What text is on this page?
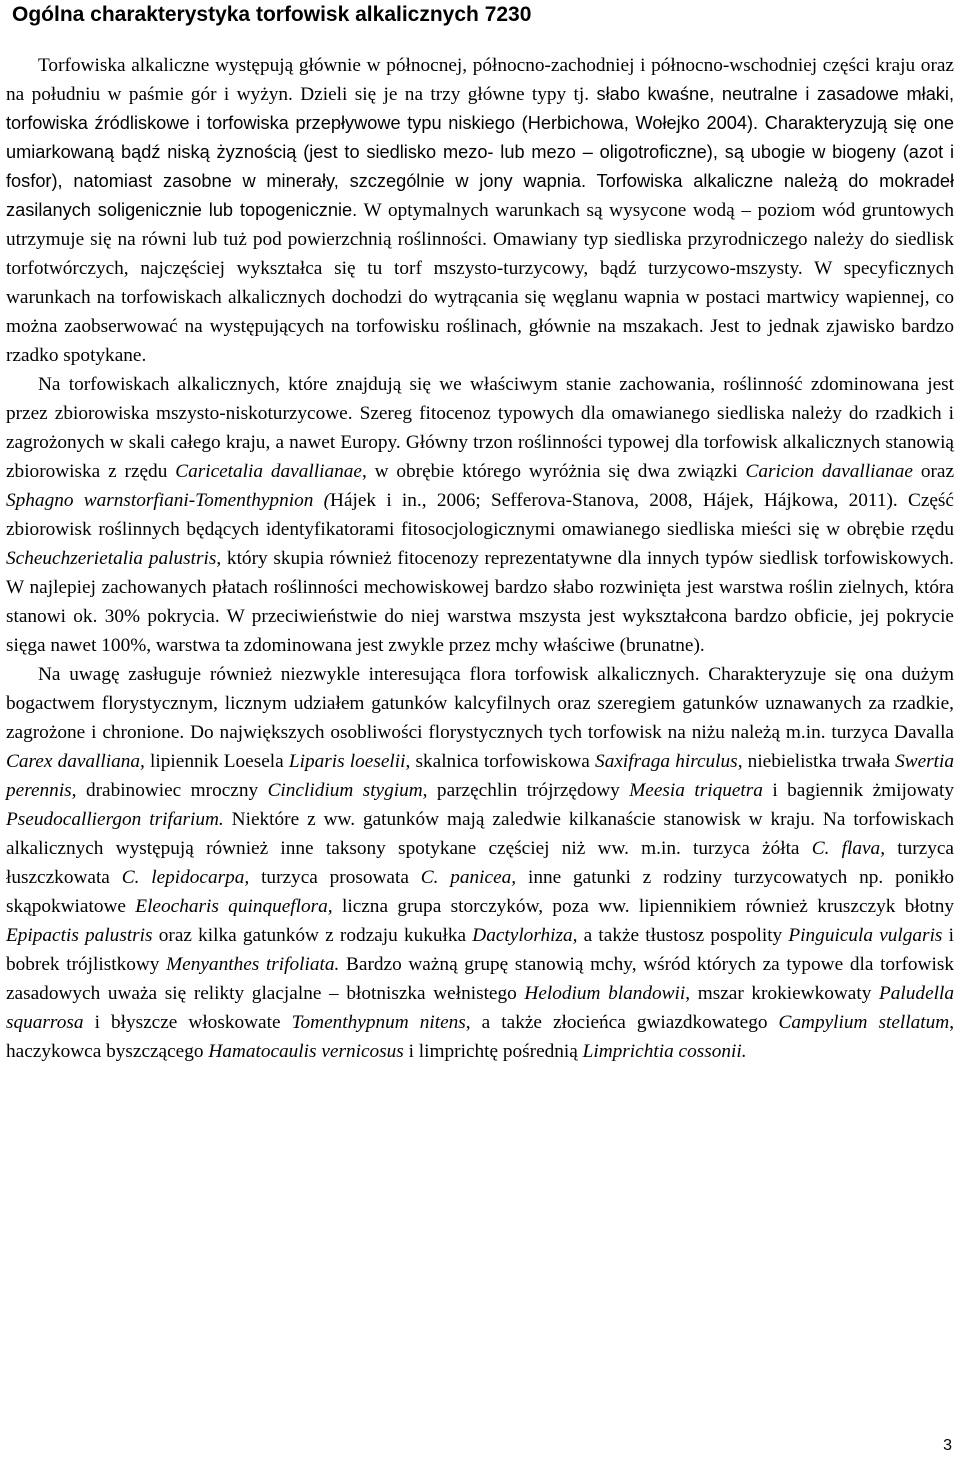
Ogólna charakterystyka torfowisk alkalicznych 7230

Torfowiska alkaliczne występują głównie w północnej, północno-zachodniej i północno-wschodniej części kraju oraz na południu w paśmie gór i wyżyn. Dzieli się je na trzy główne typy tj. słabo kwaśne, neutralne i zasadowe młaki, torfowiska źródliskowe i torfowiska przepływowe typu niskiego (Herbichowa, Wołejko 2004). Charakteryzują się one umiarkowaną bądź niską żyznością (jest to siedlisko mezo- lub mezo – oligotroficzne), są ubogie w biogeny (azot i fosfor), natomiast zasobne w minerały, szczególnie w jony wapnia. Torfowiska alkaliczne należą do mokradeł zasilanych soligenicznie lub topogenicznie. W optymalnych warunkach są wysycone wodą – poziom wód gruntowych utrzymuje się na równi lub tuż pod powierzchnią roślinności. Omawiany typ siedliska przyrodniczego należy do siedlisk torfotwórczych, najczęściej wykształca się tu torf mszysto-turzycowy, bądź turzycowo-mszysty. W specyficznych warunkach na torfowiskach alkalicznych dochodzi do wytrącania się węglanu wapnia w postaci martwicy wapiennej, co można zaobserwować na występujących na torfowisku roślinach, głównie na mszakach. Jest to jednak zjawisko bardzo rzadko spotykane.

Na torfowiskach alkalicznych, które znajdują się we właściwym stanie zachowania, roślinność zdominowana jest przez zbiorowiska mszysto-niskoturzycowe. Szereg fitocenoz typowych dla omawianego siedliska należy do rzadkich i zagrożonych w skali całego kraju, a nawet Europy. Główny trzon roślinności typowej dla torfowisk alkalicznych stanowią zbiorowiska z rzędu Caricetalia davallianae, w obrębie którego wyróżnia się dwa związki Caricion davallianae oraz Sphagno warnstorfiani-Tomenthypnion (Hájek i in., 2006; Sefferova-Stanova, 2008, Hájek, Hájkowa, 2011). Część zbiorowisk roślinnych będących identyfikatorami fitosocjologicznymi omawianego siedliska mieści się w obrębie rzędu Scheuchzerietalia palustris, który skupia również fitocenozy reprezentatywne dla innych typów siedlisk torfowiskowych. W najlepiej zachowanych płatach roślinności mechowiskowej bardzo słabo rozwinięta jest warstwa roślin zielnych, która stanowi ok. 30% pokrycia. W przeciwieństwie do niej warstwa mszysta jest wykształcona bardzo obficie, jej pokrycie sięga nawet 100%, warstwa ta zdominowana jest zwykle przez mchy właściwe (brunatne).

Na uwagę zasługuje również niezwykle interesująca flora torfowisk alkalicznych. Charakteryzuje się ona dużym bogactwem florystycznym, licznym udziałem gatunków kalcyfilnych oraz szeregiem gatunków uznawanych za rzadkie, zagrożone i chronione. Do największych osobliwości florystycznych tych torfowisk na niżu należą m.in. turzyca Davalla Carex davalliana, lipiennik Loesela Liparis loeselii, skalnica torfowiskowa Saxifraga hirculus, niebielistka trwała Swertia perennis, drabinowiec mroczny Cinclidium stygium, parzęchlin trójrzędowy Meesia triquetra i bagiennik żmijowaty Pseudocalliergon trifarium. Niektóre z ww. gatunków mają zaledwie kilkanaście stanowisk w kraju. Na torfowiskach alkalicznych występują również inne taksony spotykane częściej niż ww. m.in. turzyca żółta C. flava, turzyca łuszczkowata C. lepidocarpa, turzyca prosowata C. panicea, inne gatunki z rodziny turzycowatych np. ponikło skąpokwiatowe Eleocharis quinqueflora, liczna grupa storczyków, poza ww. lipiennikiem również kruszczyk błotny Epipactis palustris oraz kilka gatunków z rodzaju kukułka Dactylorhiza, a także tłustosz pospolity Pinguicula vulgaris i bobrek trójlistkowy Menyanthes trifoliata. Bardzo ważną grupę stanowią mchy, wśród których za typowe dla torfowisk zasadowych uważa się relikty glacjalne – błotniszka wełnistego Helodium blandowii, mszar krokiewkowaty Paludella squarrosa i błyszcze włoskowate Tomenthypnum nitens, a także złocieńca gwiazdkowatego Campylium stellatum, haczykowca byszczącego Hamatocaulis vernicosus i limprichtę pośrednią Limprichtia cossonii.

3
